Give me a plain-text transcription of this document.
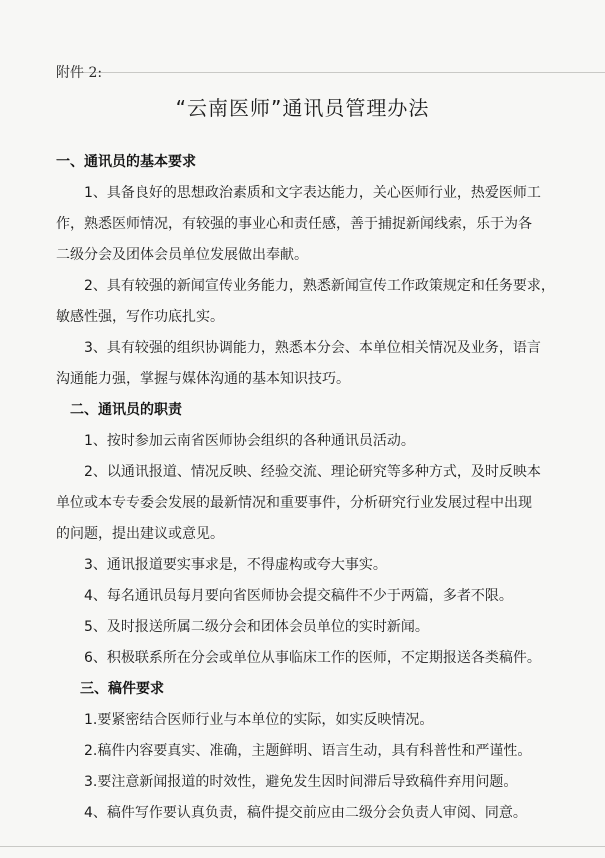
附件 2:
“云南医师”通讯员管理办法
一、通讯员的基本要求
1、具备良好的思想政治素质和文字表达能力，关心医师行业，热爱医师工
作，熟悉医师情况，有较强的事业心和责任感，善于捕捉新闻线索，乐于为各
二级分会及团体会员单位发展做出奉献。
2、具有较强的新闻宣传业务能力，熟悉新闻宣传工作政策规定和任务要求，
敏感性强，写作功底扎实。
3、具有较强的组织协调能力，熟悉本分会、本单位相关情况及业务，语言
沟通能力强，掌握与媒体沟通的基本知识技巧。
二、通讯员的职责
1、按时参加云南省医师协会组织的各种通讯员活动。
2、以通讯报道、情况反映、经验交流、理论研究等多种方式，及时反映本
单位或本专专委会发展的最新情况和重要事件，分析研究行业发展过程中出现
的问题，提出建议或意见。
3、通讯报道要实事求是，不得虚构或夸大事实。
4、每名通讯员每月要向省医师协会提交稿件不少于两篇，多者不限。
5、及时报送所属二级分会和团体会员单位的实时新闻。
6、积极联系所在分会或单位从事临床工作的医师，不定期报送各类稿件。
三、稿件要求
1.要紧密结合医师行业与本单位的实际，如实反映情况。
2.稿件内容要真实、准确，主题鲜明、语言生动，具有科普性和严谨性。
3.要注意新闻报道的时效性，避免发生因时间滞后导致稿件弃用问题。
4、稿件写作要认真负责，稿件提交前应由二级分会负责人审阅、同意。
